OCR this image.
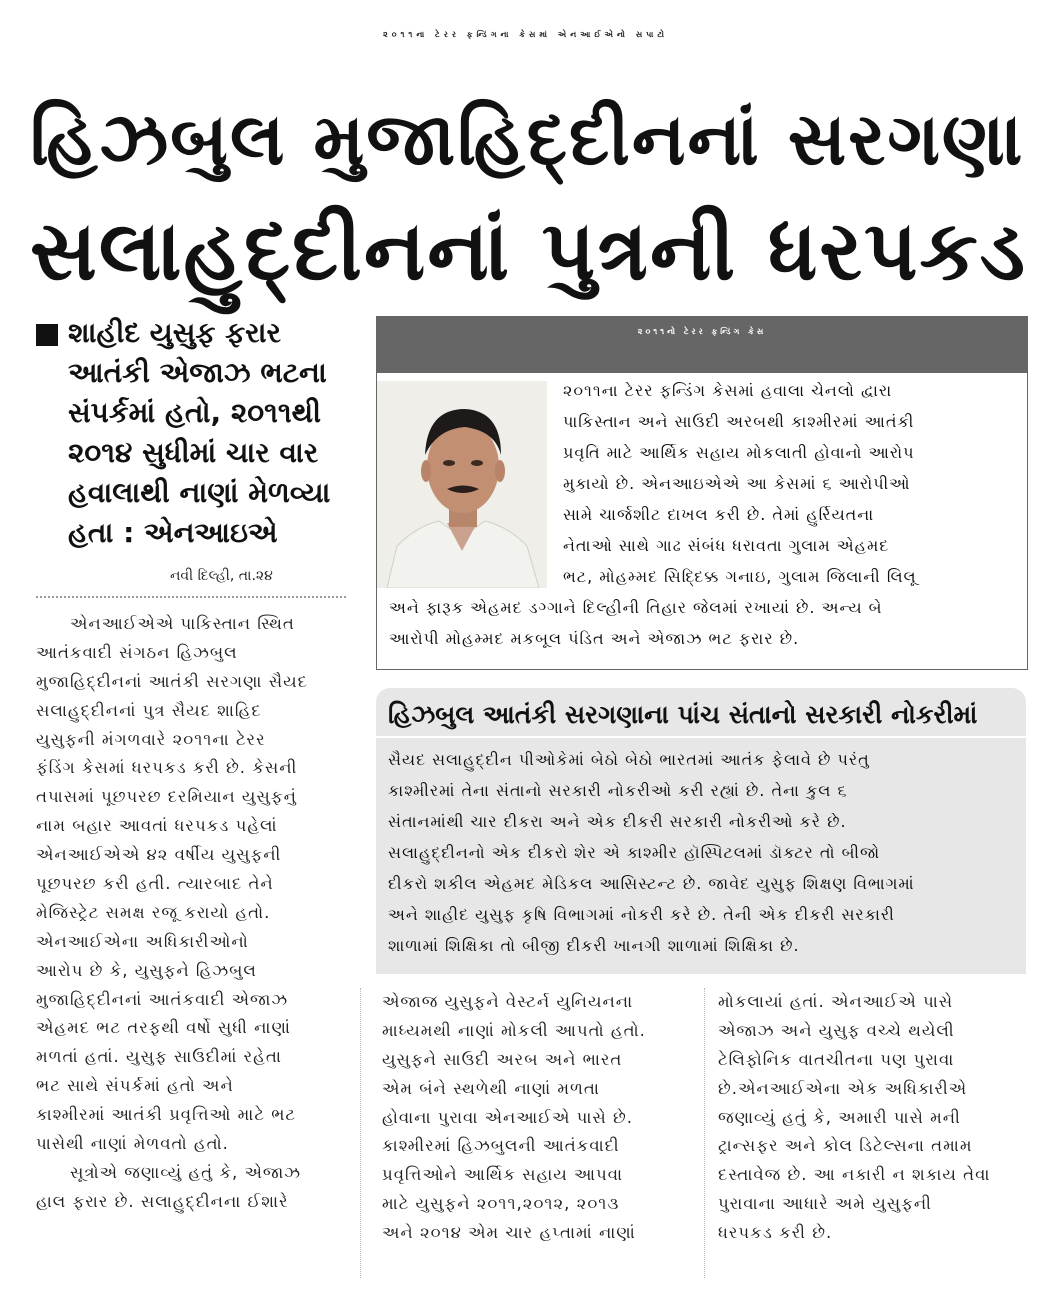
૨૦૧૧ના ટેરર ફન્ડિંગના કેસમાં એનઆઈએનો સપાટો
હિઝબુલ મુજાહિદ્દીનનાં સરગણા
સલાહુદ્દીનનાં પુત્રની ધરપકડ
શાહીદ યુસુફ ફરાર
આતંકી એજાઝ ભટના
સંપર્કમાં હતો, ૨૦૧૧થી
૨૦૧૪ સુધીમાં ચાર વાર
હવાલાથી નાણાં મેળવ્યા
હતા : એનઆઇએ
નવી દિલ્હી, તા.૨૪
એનઆઈએએ પાકિસ્તાન સ્થિત
આતંકવાદી સંગઠન હિઝબુલ
મુજાહિદ્દીનનાં આતંકી સરગણા સૈયદ
સલાહુદ્દીનનાં પુત્ર સૈયદ શાહિદ
યુસુફની મંગળવારે ૨૦૧૧ના ટેરર
ફંડિંગ કેસમાં ધરપકડ કરી છે. કેસની
તપાસમાં પૂછપરછ દરમિયાન યુસુફનું
નામ બહાર આવતાં ધરપકડ પહેલાં
એનઆઈએએ ૪૨ વર્ષીય યુસુફની
પૂછપરછ કરી હતી. ત્યારબાદ તેને
મેજિસ્ટ્રેટ સમક્ષ રજૂ કરાયો હતો.
એનઆઈએના અધિકારીઓનો
આરોપ છે કે, યુસુફને હિઝબુલ
મુજાહિદ્દીનનાં આતંકવાદી એજાઝ
એહમદ ભટ તરફથી વર્ષો સુધી નાણાં
મળતાં હતાં. યુસુફ સાઉદીમાં રહેતા
ભટ સાથે સંપર્કમાં હતો અને
કાશ્મીરમાં આતંકી પ્રવૃત્તિઓ માટે ભટ
પાસેથી નાણાં મેળવતો હતો.
સૂત્રોએ જણાવ્યું હતું કે, એજાઝ
હાલ ફરાર છે. સલાહુદ્દીનના ઈશારે
૨૦૧૧નો ટેરર ફન્ડિંગ કેસ
૨૦૧૧ના ટેરર ફન્ડિંગ કેસમાં હવાલા ચેનલો દ્વારા
પાકિસ્તાન અને સાઉદી અરબથી કાશ્મીરમાં આતંકી
પ્રવૃતિ માટે આર્થિક સહાય મોકલાતી હોવાનો આરોપ
મુકાયો છે. એનઆઇએએ આ કેસમાં ૬ આરોપીઓ
સામે ચાર્જશીટ દાખલ કરી છે. તેમાં હુર્રિયતના
નેતાઓ સાથે ગાઢ સંબંધ ધરાવતા ગુલામ એહમદ
ભટ, મોહમ્મદ સિદ્દિક્ક ગનાઇ, ગુલામ જિલાની લિલૂ
અને ફારૂક એહમદ ડગ્ગાને દિલ્હીની તિહાર જેલમાં રખાયાં છે. અન્ય બે
આરોપી મોહમ્મદ મકબૂલ પંડિત અને એજાઝ ભટ ફરાર છે.
હિઝબુલ આતંકી સરગણાના પાંચ સંતાનો સરકારી નોકરીમાં
સૈયદ સલાહુદ્દીન પીઓકેમાં બેઠો બેઠો ભારતમાં આતંક ફેલાવે છે પરંતુ
કાશ્મીરમાં તેના સંતાનો સરકારી નોકરીઓ કરી રહ્યાં છે. તેના કુલ ૬
સંતાનમાંથી ચાર દીકરા અને એક દીકરી સરકારી નોકરીઓ કરે છે.
સલાહુદ્દીનનો એક દીકરો શેર એ કાશ્મીર હૉસ્પિટલમાં ડૉક્ટર તો બીજો
દીકરો શકીલ એહમદ મેડિકલ આસિસ્ટન્ટ છે. જાવેદ યુસુફ શિક્ષણ વિભાગમાં
અને શાહીદ યુસુફ કૃષિ વિભાગમાં નોકરી કરે છે. તેની એક દીકરી સરકારી
શાળામાં શિક્ષિકા તો બીજી દીકરી ખાનગી શાળામાં શિક્ષિકા છે.
એજાજ યુસુફને વેસ્ટર્ન યુનિયનના
માધ્યમથી નાણાં મોકલી આપતો હતો.
યુસુફને સાઉદી અરબ અને ભારત
એમ બંને સ્થળેથી નાણાં મળતા
હોવાના પુરાવા એનઆઈએ પાસે છે.
કાશ્મીરમાં હિઝબુલની આતંકવાદી
પ્રવૃત્તિઓને આર્થિક સહાય આપવા
માટે યુસુફને ૨૦૧૧,૨૦૧૨, ૨૦૧૩
અને ૨૦૧૪ એમ ચાર હપ્તામાં નાણાં
મોકલાયાં હતાં. એનઆઈએ પાસે
એજાઝ અને યુસુફ વચ્ચે થયેલી
ટેલિફોનિક વાતચીતના પણ પુરાવા
છે.એનઆઈએના એક અધિકારીએ
જણાવ્યું હતું કે, અમારી પાસે મની
ટ્રાન્સફર અને કોલ ડિટેલ્સના તમામ
દસ્તાવેજ છે. આ નકારી ન શકાય તેવા
પુરાવાના આધારે અમે યુસુફની
ધરપકડ કરી છે.
